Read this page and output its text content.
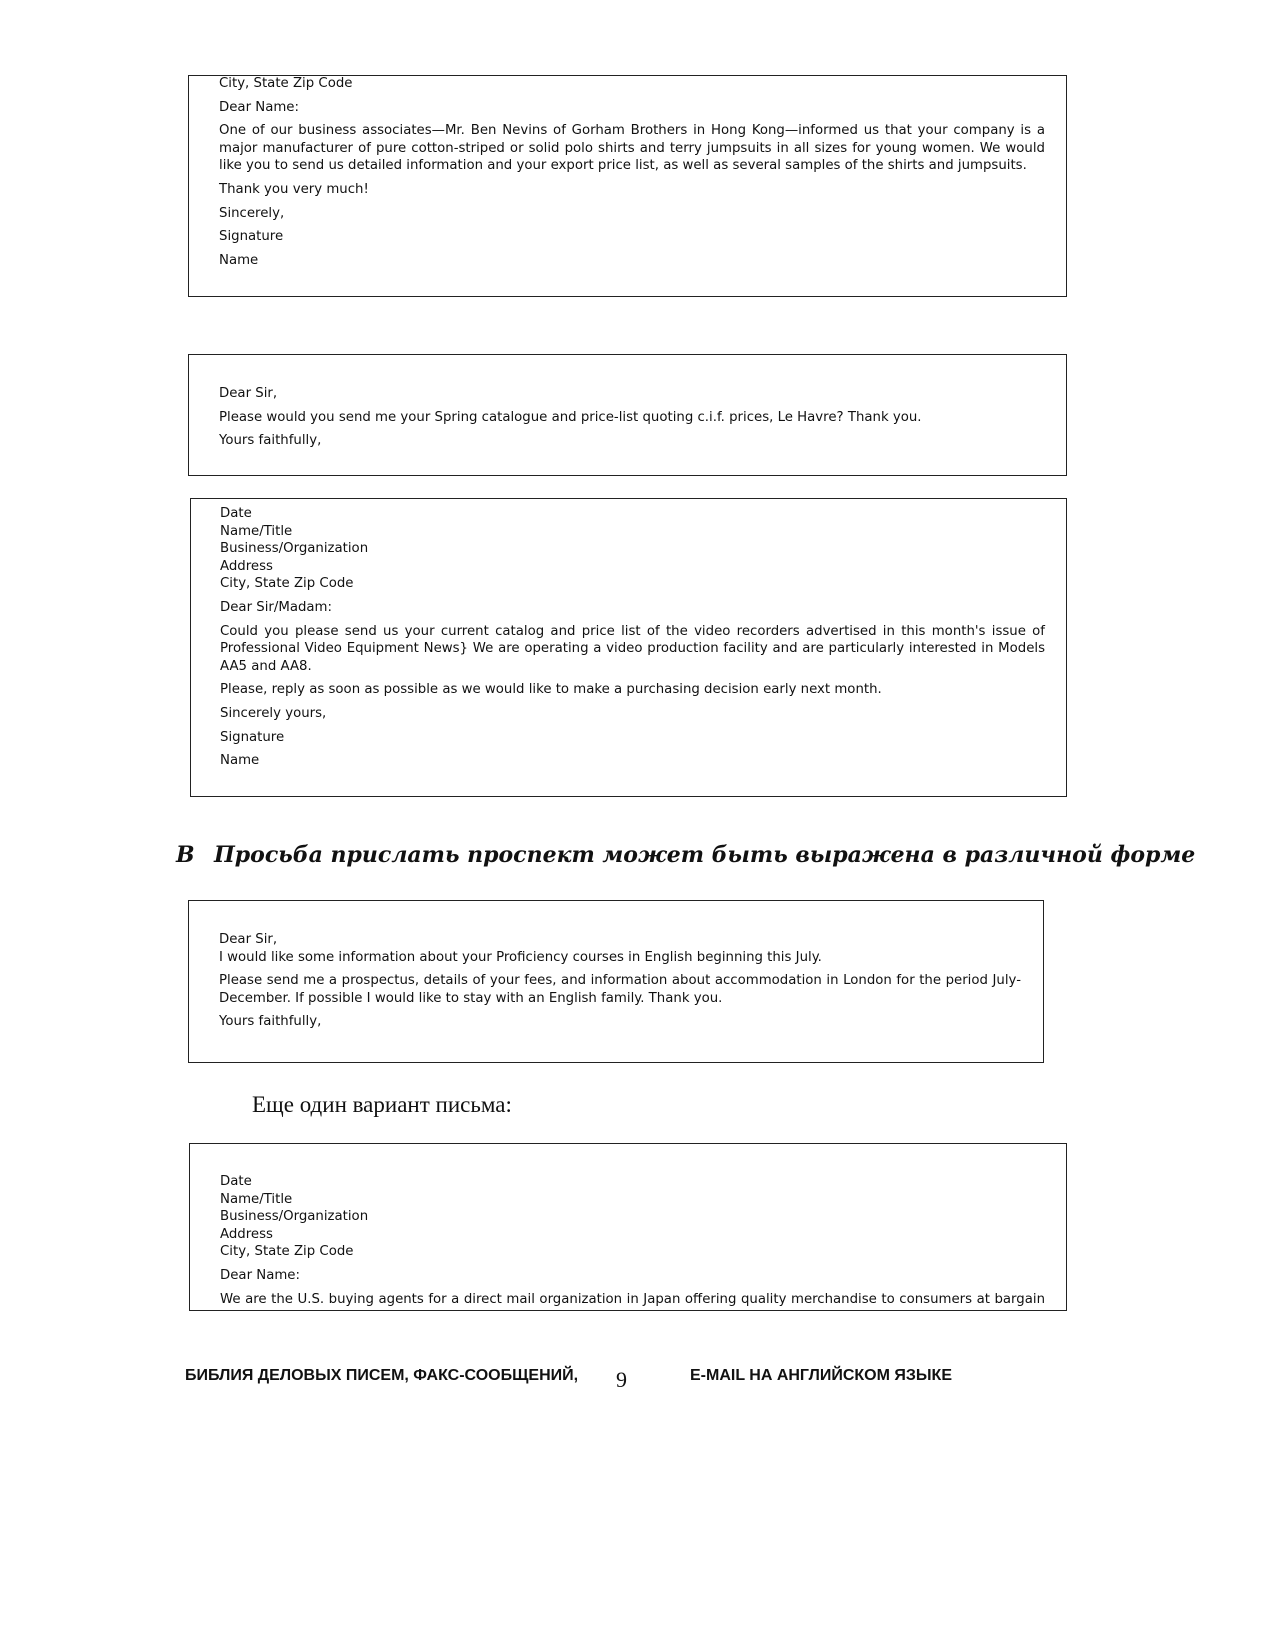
City, State Zip Code
Dear Name:
One of our business associates—Mr. Ben Nevins of Gorham Brothers in Hong Kong—informed us that your company is a major manufacturer of pure cotton-striped or solid polo shirts and terry jumpsuits in all sizes for young women. We would like you to send us detailed information and your export price list, as well as several samples of the shirts and jumpsuits.
Thank you very much!
Sincerely,
Signature
Name
Dear Sir,
Please would you send me your Spring catalogue and price-list quoting c.i.f. prices, Le Havre? Thank you.
Yours faithfully,
Date
Name/Title
Business/Organization
Address
City, State Zip Code
Dear Sir/Madam:
Could you please send us your current catalog and price list of the video recorders advertised in this month's issue of Professional Video Equipment News} We are operating a video production facility and are particularly interested in Models AA5 and AA8.
Please, reply as soon as possible as we would like to make a purchasing decision early next month.
Sincerely yours,
Signature
Name
B Просьба прислать проспект может быть выражена в различной форме
Dear Sir,
I would like some information about your Proficiency courses in English beginning this July.
Please send me a prospectus, details of your fees, and information about accommodation in London for the period July-December. If possible I would like to stay with an English family. Thank you.
Yours faithfully,
Еще один вариант письма:
Date
Name/Title
Business/Organization
Address
City, State Zip Code
Dear Name:
We are the U.S. buying agents for a direct mail organization in Japan offering quality merchandise to consumers at bargain
БИБЛИЯ ДЕЛОВЫХ ПИСЕМ, ФАКС-СООБЩЕНИЙ, 9	E-MAIL НА АНГЛИЙСКОМ ЯЗЫКЕ
